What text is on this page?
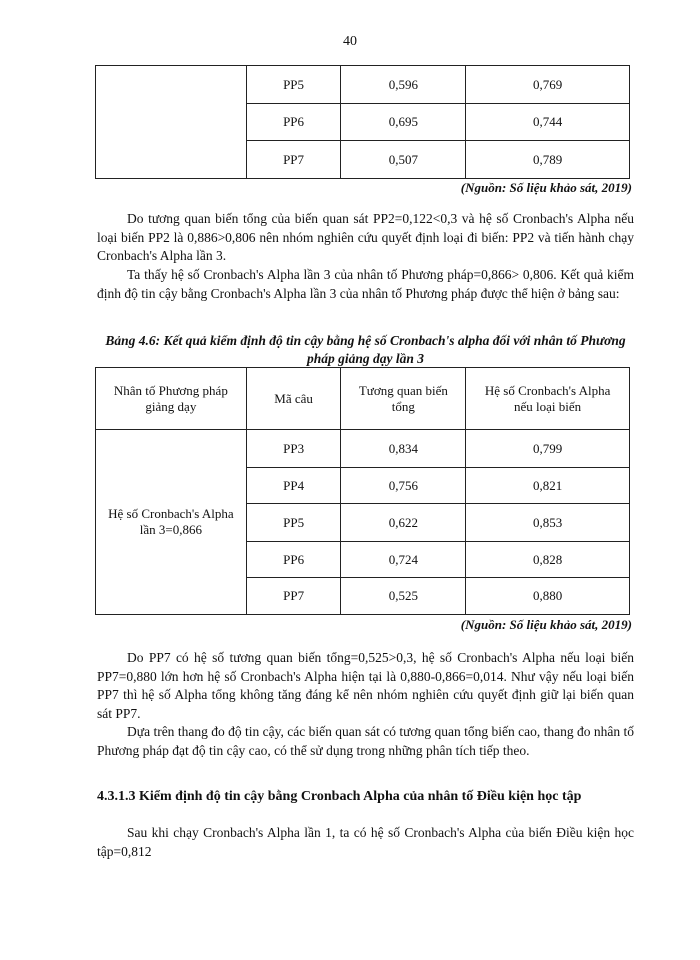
40
	PP5	0,596	0,769
	PP6	0,695	0,744
	PP7	0,507	0,789
(Nguồn: Số liệu khảo sát, 2019)
Do tương quan biến tổng của biến quan sát PP2=0,122<0,3 và hệ số Cronbach's Alpha nếu loại biến PP2 là 0,886>0,806 nên nhóm nghiên cứu quyết định loại đi biến: PP2 và tiến hành chạy Cronbach's Alpha lần 3.
Ta thấy hệ số Cronbach's Alpha lần 3 của nhân tố Phương pháp=0,866> 0,806. Kết quả kiểm định độ tin cậy bằng Cronbach's Alpha lần 3 của nhân tố Phương pháp được thể hiện ở bảng sau:
Bảng 4.6: Kết quả kiểm định độ tin cậy bằng hệ số Cronbach's alpha đối với nhân tố Phương pháp giảng dạy lần 3
Nhân tố Phương pháp giảng dạy	Mã câu	Tương quan biến tổng	Hệ số Cronbach's Alpha nếu loại biến
Hệ số Cronbach's Alpha lần 3=0,866	PP3	0,834	0,799
	PP4	0,756	0,821
	PP5	0,622	0,853
	PP6	0,724	0,828
	PP7	0,525	0,880
(Nguồn: Số liệu khảo sát, 2019)
Do PP7 có hệ số tương quan biến tổng=0,525>0,3, hệ số Cronbach's Alpha nếu loại biến PP7=0,880 lớn hơn hệ số Cronbach's Alpha hiện tại là 0,880-0,866=0,014. Như vậy nếu loại biến PP7 thì hệ số Alpha tổng không tăng đáng kể nên nhóm nghiên cứu quyết định giữ lại biến quan sát PP7.
Dựa trên thang đo độ tin cậy, các biến quan sát có tương quan tổng biến cao, thang đo nhân tố Phương pháp đạt độ tin cậy cao, có thể sử dụng trong những phân tích tiếp theo.
4.3.1.3 Kiểm định độ tin cậy bằng Cronbach Alpha của nhân tố Điều kiện học tập
Sau khi chạy Cronbach's Alpha lần 1, ta có hệ số Cronbach's Alpha của biến Điều kiện học tập=0,812
